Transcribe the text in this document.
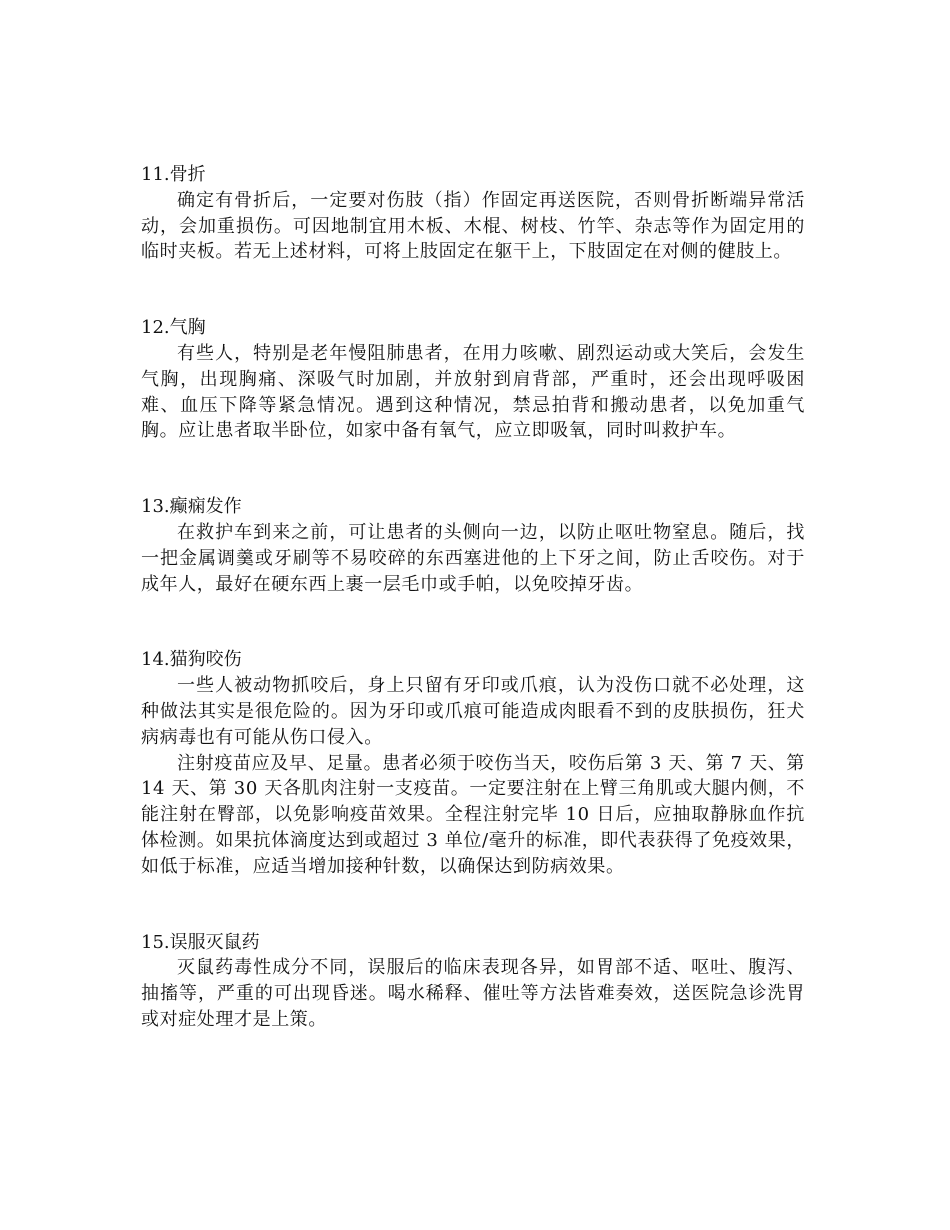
11.骨折

确定有骨折后，一定要对伤肢（指）作固定再送医院，否则骨折断端异常活动，会加重损伤。可因地制宜用木板、木棍、树枝、竹竿、杂志等作为固定用的临时夹板。若无上述材料，可将上肢固定在躯干上，下肢固定在对侧的健肢上。

12.气胸

有些人，特别是老年慢阻肺患者，在用力咳嗽、剧烈运动或大笑后，会发生气胸，出现胸痛、深吸气时加剧，并放射到肩背部，严重时，还会出现呼吸困难、血压下降等紧急情况。遇到这种情况，禁忌拍背和搬动患者，以免加重气胸。应让患者取半卧位，如家中备有氧气，应立即吸氧，同时叫救护车。

13.癫痫发作

在救护车到来之前，可让患者的头侧向一边，以防止呕吐物窒息。随后，找一把金属调羹或牙刷等不易咬碎的东西塞进他的上下牙之间，防止舌咬伤。对于成年人，最好在硬东西上裹一层毛巾或手帕，以免咬掉牙齿。

14.猫狗咬伤

一些人被动物抓咬后，身上只留有牙印或爪痕，认为没伤口就不必处理，这种做法其实是很危险的。因为牙印或爪痕可能造成肉眼看不到的皮肤损伤，狂犬病病毒也有可能从伤口侵入。

注射疫苗应及早、足量。患者必须于咬伤当天，咬伤后第 3 天、第 7 天、第 14 天、第 30 天各肌肉注射一支疫苗。一定要注射在上臂三角肌或大腿内侧，不能注射在臀部，以免影响疫苗效果。全程注射完毕 10 日后，应抽取静脉血作抗体检测。如果抗体滴度达到或超过 3 单位/毫升的标准，即代表获得了免疫效果，如低于标准，应适当增加接种针数，以确保达到防病效果。

15.误服灭鼠药

灭鼠药毒性成分不同，误服后的临床表现各异，如胃部不适、呕吐、腹泻、抽搐等，严重的可出现昏迷。喝水稀释、催吐等方法皆难奏效，送医院急诊洗胃或对症处理才是上策。
